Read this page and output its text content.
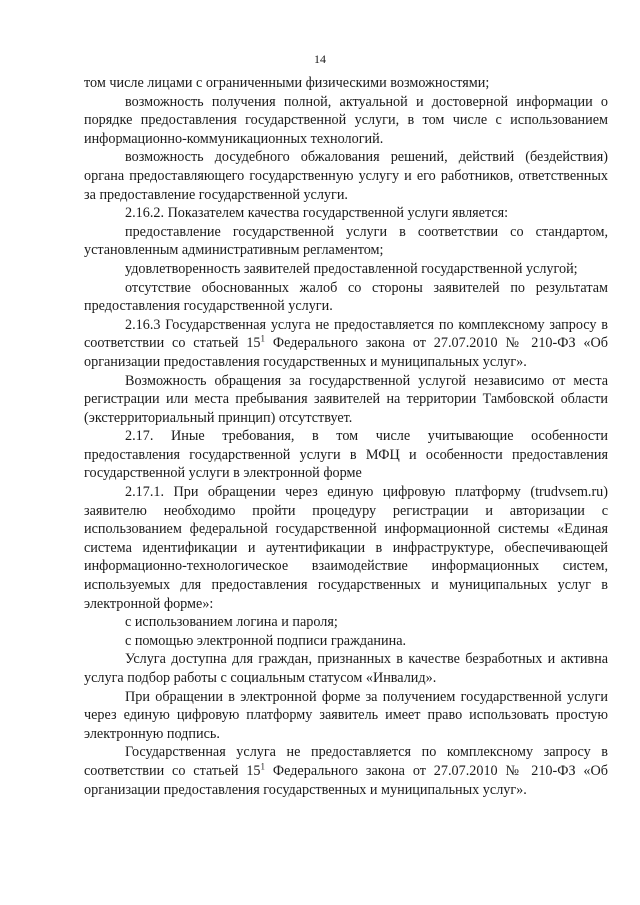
14

том числе лицами с ограниченными физическими возможностями;

возможность получения полной, актуальной и достоверной информации о порядке предоставления государственной услуги, в том числе с использованием информационно-коммуникационных технологий.

возможность досудебного обжалования решений, действий (бездействия) органа предоставляющего государственную услугу и его работников, ответственных за предоставление государственной услуги.

2.16.2. Показателем качества государственной услуги является:

предоставление государственной услуги в соответствии со стандартом, установленным административным регламентом;

удовлетворенность заявителей предоставленной государственной услугой;

отсутствие обоснованных жалоб со стороны заявителей по результатам предоставления государственной услуги.

2.16.3 Государственная услуга не предоставляется по комплексному запросу в соответствии со статьей $15^1$ Федерального закона от 27.07.2010 № 210-ФЗ «Об организации предоставления государственных и муниципальных услуг».

Возможность обращения за государственной услугой независимо от места регистрации или места пребывания заявителей на территории Тамбовской области (экстерриториальный принцип) отсутствует.

2.17. Иные требования, в том числе учитывающие особенности предоставления государственной услуги в МФЦ и особенности предоставления государственной услуги в электронной форме

2.17.1. При обращении через единую цифровую платформу (trudvsem.ru) заявителю необходимо пройти процедуру регистрации и авторизации с использованием федеральной государственной информационной системы «Единая система идентификации и аутентификации в инфраструктуре, обеспечивающей информационно-технологическое взаимодействие информационных систем, используемых для предоставления государственных и муниципальных услуг в электронной форме»:

с использованием логина и пароля;

с помощью электронной подписи гражданина.

Услуга доступна для граждан, признанных в качестве безработных и активна услуга подбор работы с социальным статусом «Инвалид».

При обращении в электронной форме за получением государственной услуги через единую цифровую платформу заявитель имеет право использовать простую электронную подпись.

Государственная услуга не предоставляется по комплексному запросу в соответствии со статьей $15^1$ Федерального закона от 27.07.2010 № 210-ФЗ «Об организации предоставления государственных и муниципальных услуг».
